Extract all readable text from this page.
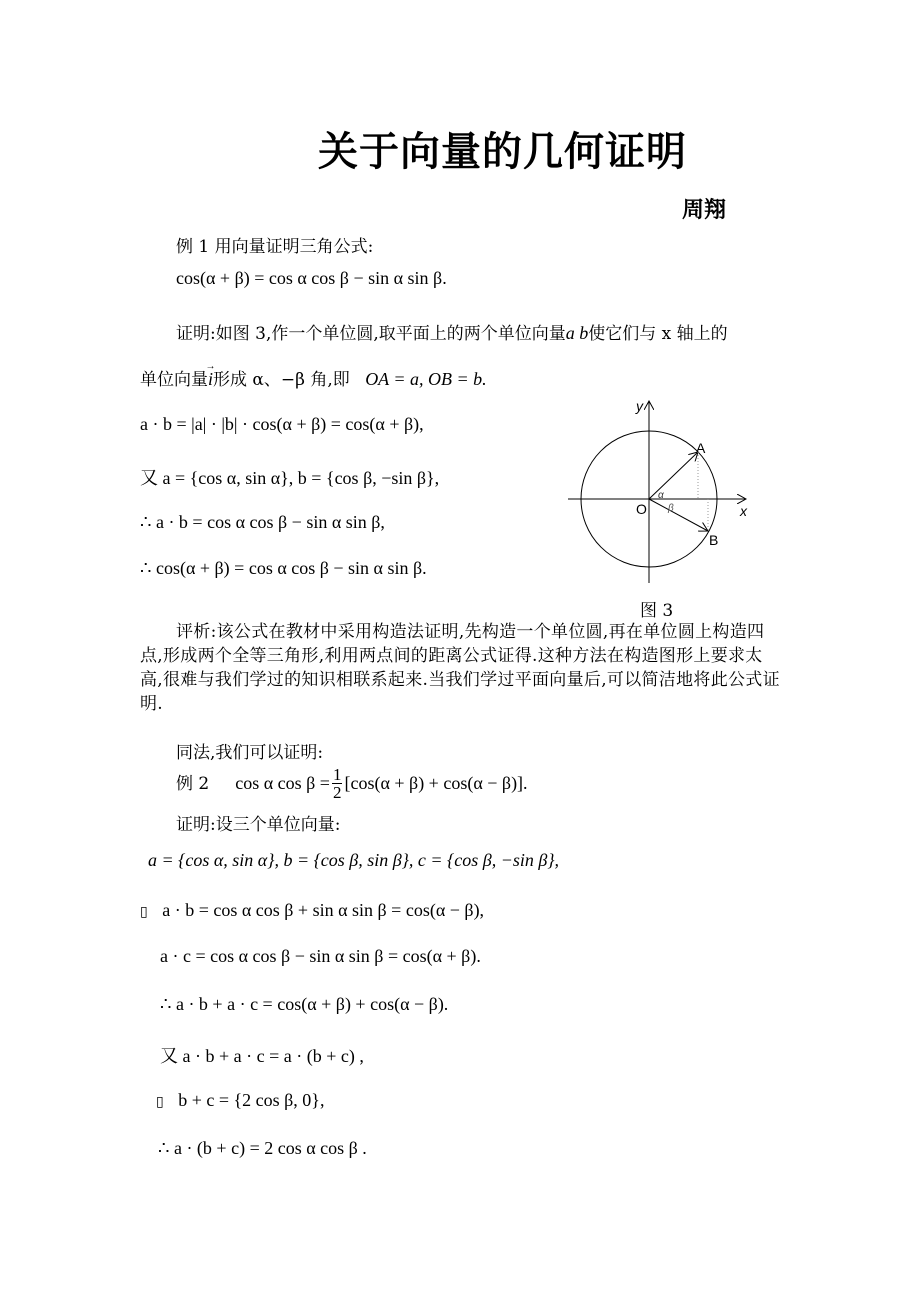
关于向量的几何证明
周翔
例 1 用向量证明三角公式:
cos(α + β) = cos α cos β − sin α sin β.
证明:如图 3,作一个单位圆,取平面上的两个单位向量a b使它们与 x 轴上的
单位向量→ i形成 α、−β 角,即 OA = a, OB = b.
a · b = |a| · |b| · cos(α + β) = cos(α + β),
又 a = {cos α, sin α}, b = {cos β, −sin β},
∴ a · b = cos α cos β − sin α sin β,
∴ cos(α + β) = cos α cos β − sin α sin β.
y
x
O
A
B
α
β
图 3
评析:该公式在教材中采用构造法证明,先构造一个单位圆,再在单位圆上构造四点,形成两个全等三角形,利用两点间的距离公式证得.这种方法在构造图形上要求太高,很难与我们学过的知识相联系起来.当我们学过平面向量后,可以简洁地将此公式证明.
同法,我们可以证明:
例 2 cos α $\cos \beta = \frac{1}{2} [\cos(\alpha + \beta) + \cos(\alpha - \beta)]$.
证明:设三个单位向量:
a = {cos α, sin α}, b = {cos β, sin β}, c = {cos β, −sin β},
▯ a · b = cos α cos β + sin α sin β = cos(α − β),
a · c = cos α cos β − sin α sin β = cos(α + β).
∴ a · b + a · c = cos(α + β) + cos(α − β).
又 a · b + a · c = a · (b + c) ,
▯ b + c = {2 cos β, 0},
∴ a · (b + c) = 2 cos α cos β .
